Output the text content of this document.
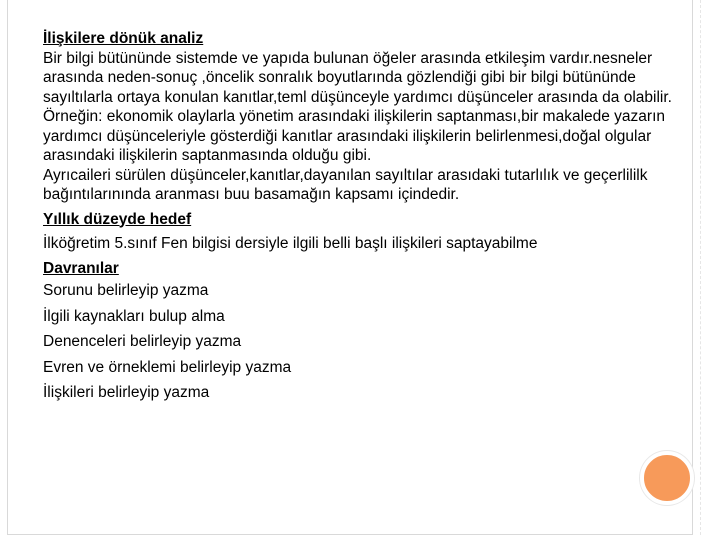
İlişkilere dönük analiz

Bir bilgi bütününde sistemde ve yapıda bulunan öğeler arasında etkileşim vardır.nesneler arasında neden-sonuç ,öncelik sonralık boyutlarında gözlendiği gibi bir bilgi bütününde sayıltılarla ortaya konulan kanıtlar,teml düşünceyle yardımcı düşünceler arasında da olabilir.

Örneğin: ekonomik olaylarla yönetim arasındaki ilişkilerin saptanması,bir makalede yazarın yardımcı düşünceleriyle gösterdiği kanıtlar arasındaki ilişkilerin belirlenmesi,doğal olgular arasındaki ilişkilerin saptanmasında olduğu gibi.

Ayrıcaileri sürülen düşünceler,kanıtlar,dayanılan sayıltılar arasıdaki tutarlılık ve geçerlililk bağıntılarınında aranması buu basamağın kapsamı içindedir.

Yıllık düzeyde hedef

İlköğretim 5.sınıf Fen bilgisi dersiyle ilgili belli başlı ilişkileri saptayabilme

Davranılar

Sorunu belirleyip yazma

İlgili kaynakları bulup alma

Denenceleri belirleyip yazma

Evren ve örneklemi belirleyip yazma

İlişkileri belirleyip yazma
